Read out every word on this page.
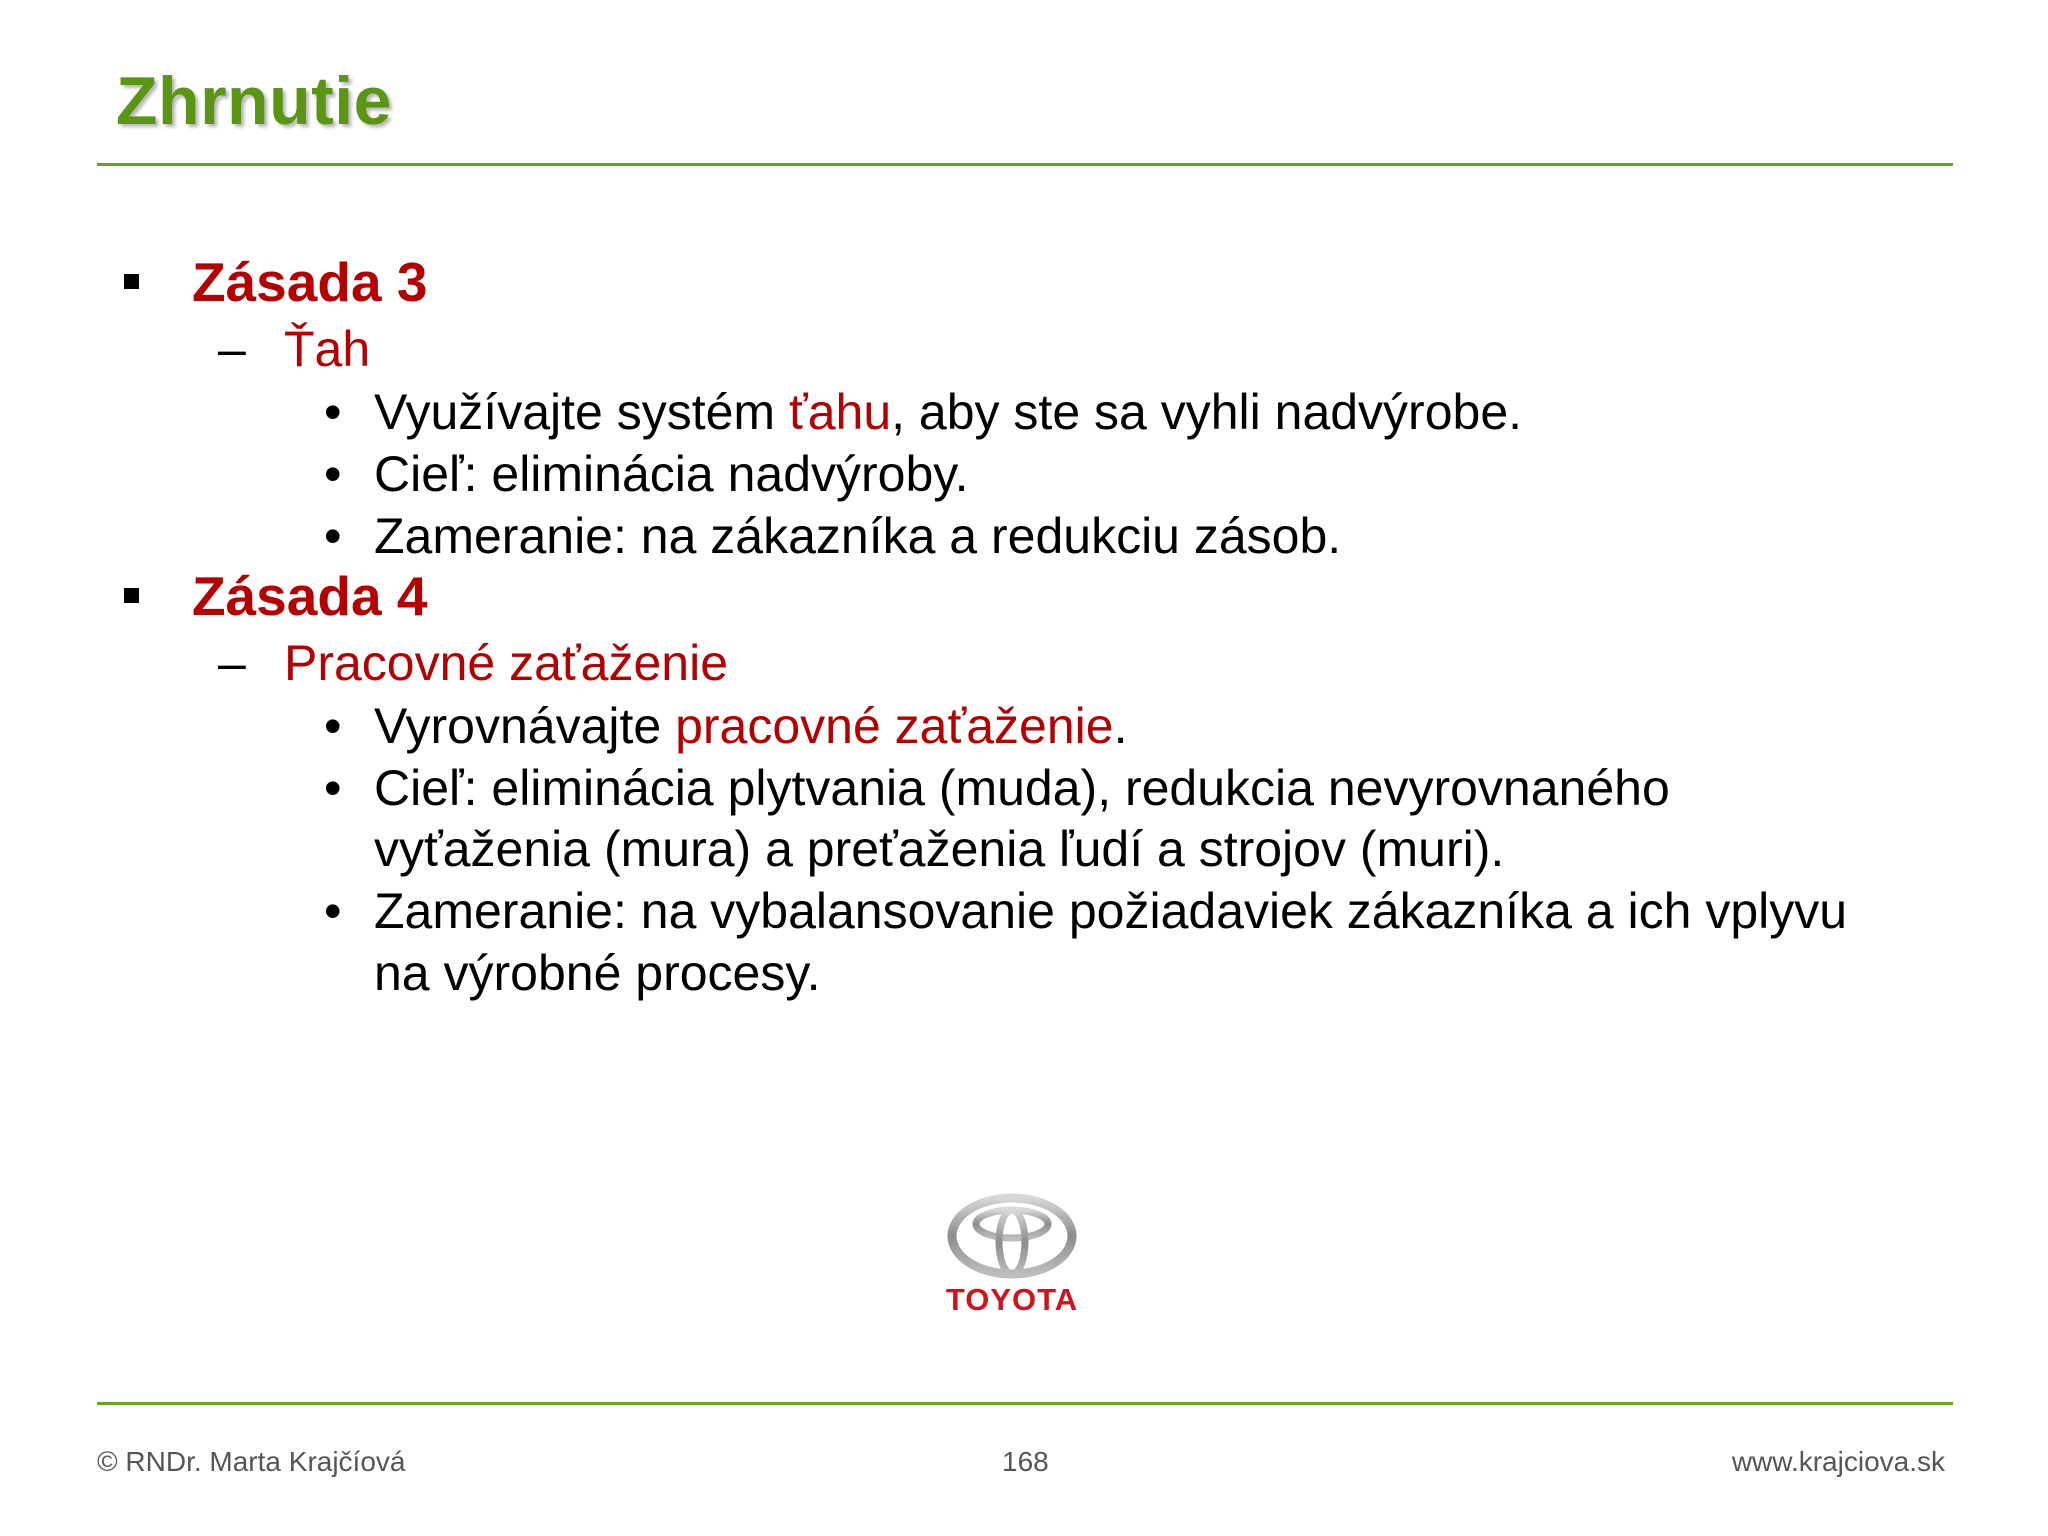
Zhrnutie
Zásada 3
– Ťah
• Využívajte systém ťahu, aby ste sa vyhli nadvýrobe.
• Cieľ: eliminácia nadvýroby.
• Zameranie: na zákazníka a redukciu zásob.
Zásada 4
– Pracovné zaťaženie
• Vyrovnávajte pracovné zaťaženie.
• Cieľ: eliminácia plytvania (muda), redukcia nevyrovnaného
vyťaženia (mura) a preťaženia ľudí a strojov (muri).
• Zameranie: na vybalansovanie požiadaviek zákazníka a ich vplyvu
na výrobné procesy.
TOYOTA
© RNDr. Marta Krajčíová	168	www.krajciova.sk
